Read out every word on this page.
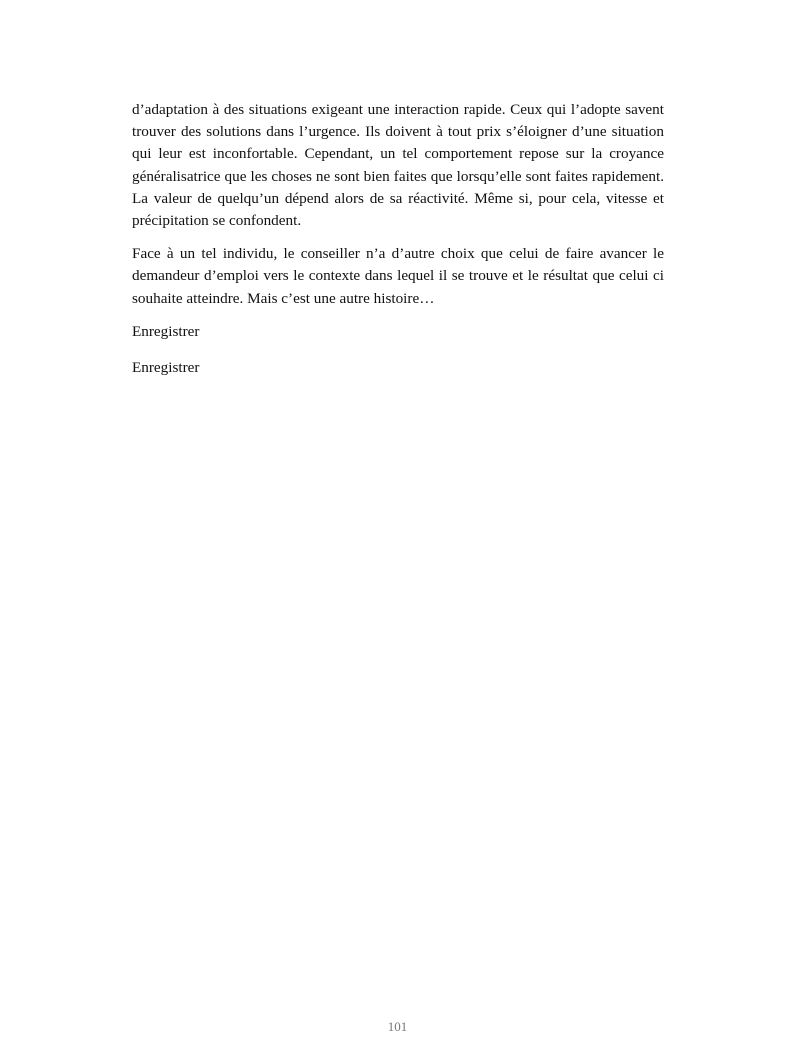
d’adaptation à des situations exigeant une interaction rapide. Ceux qui l’adopte savent trouver des solutions dans l’urgence. Ils doivent à tout prix s’éloigner d’une situation qui leur est inconfortable. Cependant, un tel comportement repose sur la croyance généralisatrice que les choses ne sont bien faites que lorsqu’elle sont faites rapidement. La valeur de quelqu’un dépend alors de sa réactivité. Même si, pour cela, vitesse et précipitation se confondent.

Face à un tel individu, le conseiller n’a d’autre choix que celui de faire avancer le demandeur d’emploi vers le contexte dans lequel il se trouve et le résultat que celui ci souhaite atteindre. Mais c’est une autre histoire…

Enregistrer

Enregistrer

101
